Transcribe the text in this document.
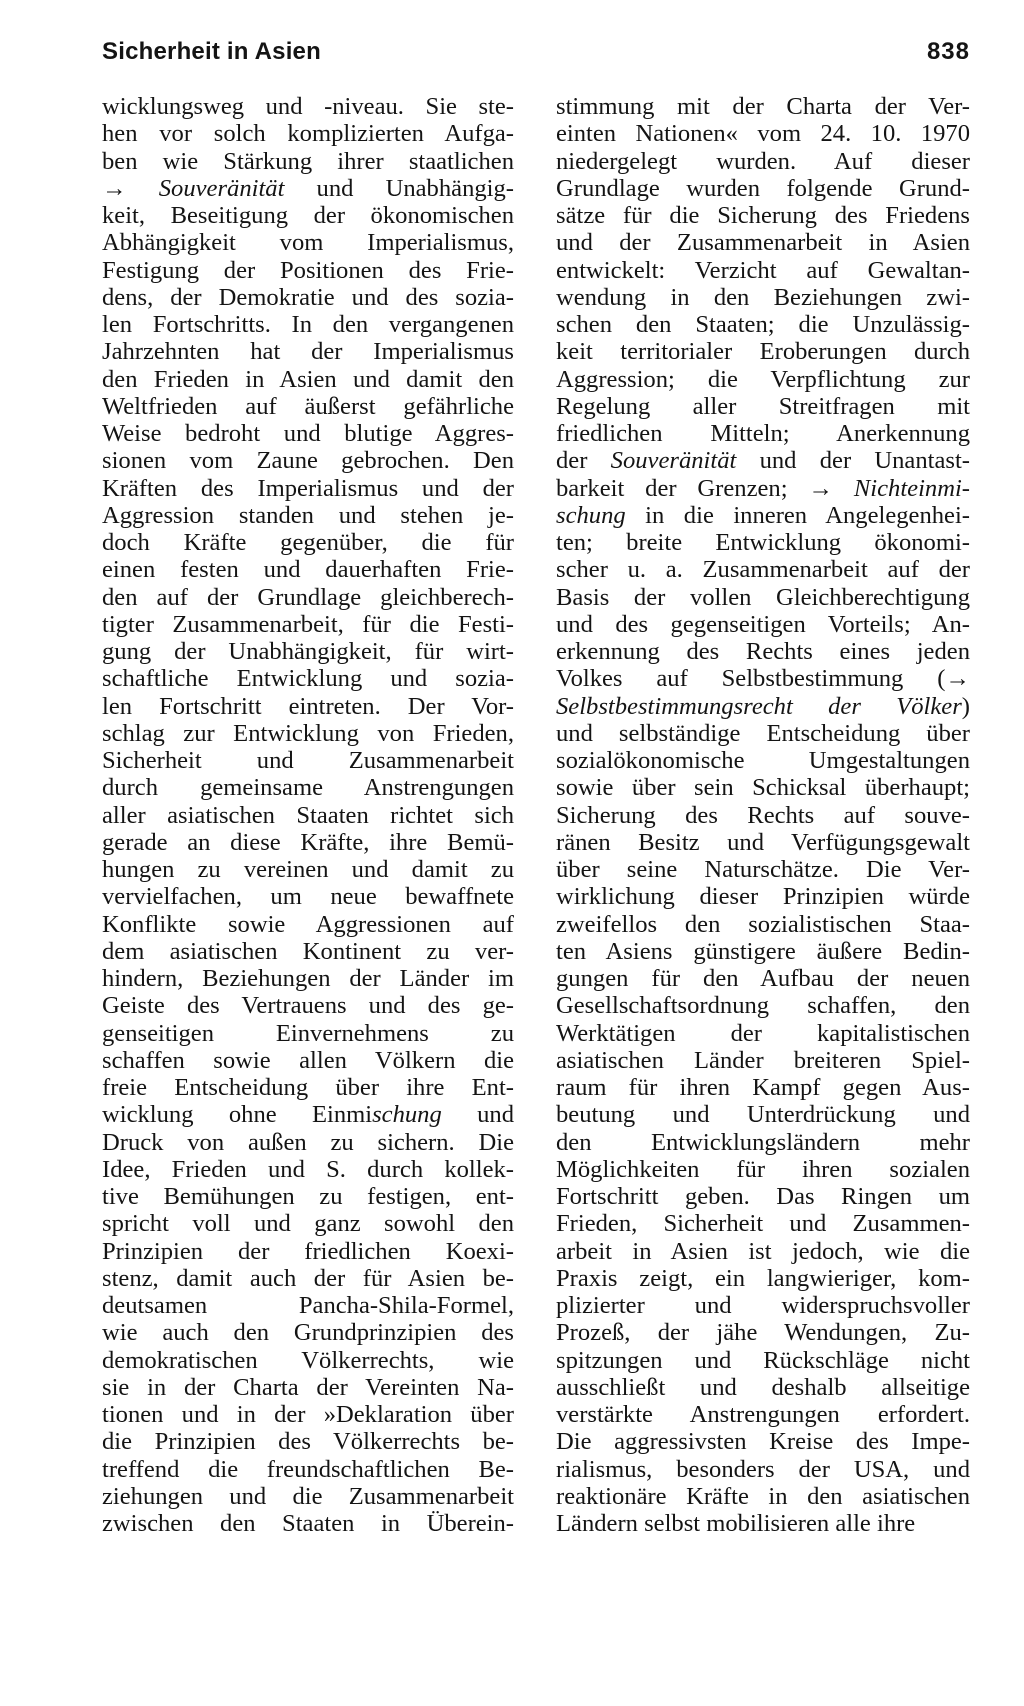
Sicherheit in Asien	838
wicklungsweg und -niveau. Sie ste-
hen vor solch komplizierten Aufga-
ben wie Stärkung ihrer staatlichen
→ Souveränität und Unabhängig-
keit, Beseitigung der ökonomischen
Abhängigkeit vom Imperialismus,
Festigung der Positionen des Frie-
dens, der Demokratie und des sozia-
len Fortschritts. In den vergangenen
Jahrzehnten hat der Imperialismus
den Frieden in Asien und damit den
Weltfrieden auf äußerst gefährliche
Weise bedroht und blutige Aggres-
sionen vom Zaune gebrochen. Den
Kräften des Imperialismus und der
Aggression standen und stehen je-
doch Kräfte gegenüber, die für
einen festen und dauerhaften Frie-
den auf der Grundlage gleichberech-
tigter Zusammenarbeit, für die Festi-
gung der Unabhängigkeit, für wirt-
schaftliche Entwicklung und sozia-
len Fortschritt eintreten. Der Vor-
schlag zur Entwicklung von Frieden,
Sicherheit und Zusammenarbeit
durch gemeinsame Anstrengungen
aller asiatischen Staaten richtet sich
gerade an diese Kräfte, ihre Bemü-
hungen zu vereinen und damit zu
vervielfachen, um neue bewaffnete
Konflikte sowie Aggressionen auf
dem asiatischen Kontinent zu ver-
hindern, Beziehungen der Länder im
Geiste des Vertrauens und des ge-
genseitigen Einvernehmens zu
schaffen sowie allen Völkern die
freie Entscheidung über ihre Ent-
wicklung ohne Einmischung und
Druck von außen zu sichern. Die
Idee, Frieden und S. durch kollek-
tive Bemühungen zu festigen, ent-
spricht voll und ganz sowohl den
Prinzipien der friedlichen Koexi-
stenz, damit auch der für Asien be-
deutsamen Pancha-Shila-Formel,
wie auch den Grundprinzipien des
demokratischen Völkerrechts, wie
sie in der Charta der Vereinten Na-
tionen und in der »Deklaration über
die Prinzipien des Völkerrechts be-
treffend die freundschaftlichen Be-
ziehungen und die Zusammenarbeit
zwischen den Staaten in Überein-
stimmung mit der Charta der Ver-
einten Nationen« vom 24. 10. 1970
niedergelegt wurden. Auf dieser
Grundlage wurden folgende Grund-
sätze für die Sicherung des Friedens
und der Zusammenarbeit in Asien
entwickelt: Verzicht auf Gewaltan-
wendung in den Beziehungen zwi-
schen den Staaten; die Unzulässig-
keit territorialer Eroberungen durch
Aggression; die Verpflichtung zur
Regelung aller Streitfragen mit
friedlichen Mitteln; Anerkennung
der Souveränität und der Unantast-
barkeit der Grenzen; → Nichteinmi-
schung in die inneren Angelegenhei-
ten; breite Entwicklung ökonomi-
scher u. a. Zusammenarbeit auf der
Basis der vollen Gleichberechtigung
und des gegenseitigen Vorteils; An-
erkennung des Rechts eines jeden
Volkes auf Selbstbestimmung (→
Selbstbestimmungsrecht der Völker)
und selbständige Entscheidung über
sozialökonomische Umgestaltungen
sowie über sein Schicksal überhaupt;
Sicherung des Rechts auf souve-
ränen Besitz und Verfügungsgewalt
über seine Naturschätze. Die Ver-
wirklichung dieser Prinzipien würde
zweifellos den sozialistischen Staa-
ten Asiens günstigere äußere Bedin-
gungen für den Aufbau der neuen
Gesellschaftsordnung schaffen, den
Werktätigen der kapitalistischen
asiatischen Länder breiteren Spiel-
raum für ihren Kampf gegen Aus-
beutung und Unterdrückung und
den Entwicklungsländern mehr
Möglichkeiten für ihren sozialen
Fortschritt geben. Das Ringen um
Frieden, Sicherheit und Zusammen-
arbeit in Asien ist jedoch, wie die
Praxis zeigt, ein langwieriger, kom-
plizierter und widerspruchsvoller
Prozeß, der jähe Wendungen, Zu-
spitzungen und Rückschläge nicht
ausschließt und deshalb allseitige
verstärkte Anstrengungen erfordert.
Die aggressivsten Kreise des Impe-
rialismus, besonders der USA, und
reaktionäre Kräfte in den asiatischen
Ländern selbst mobilisieren alle ihre
